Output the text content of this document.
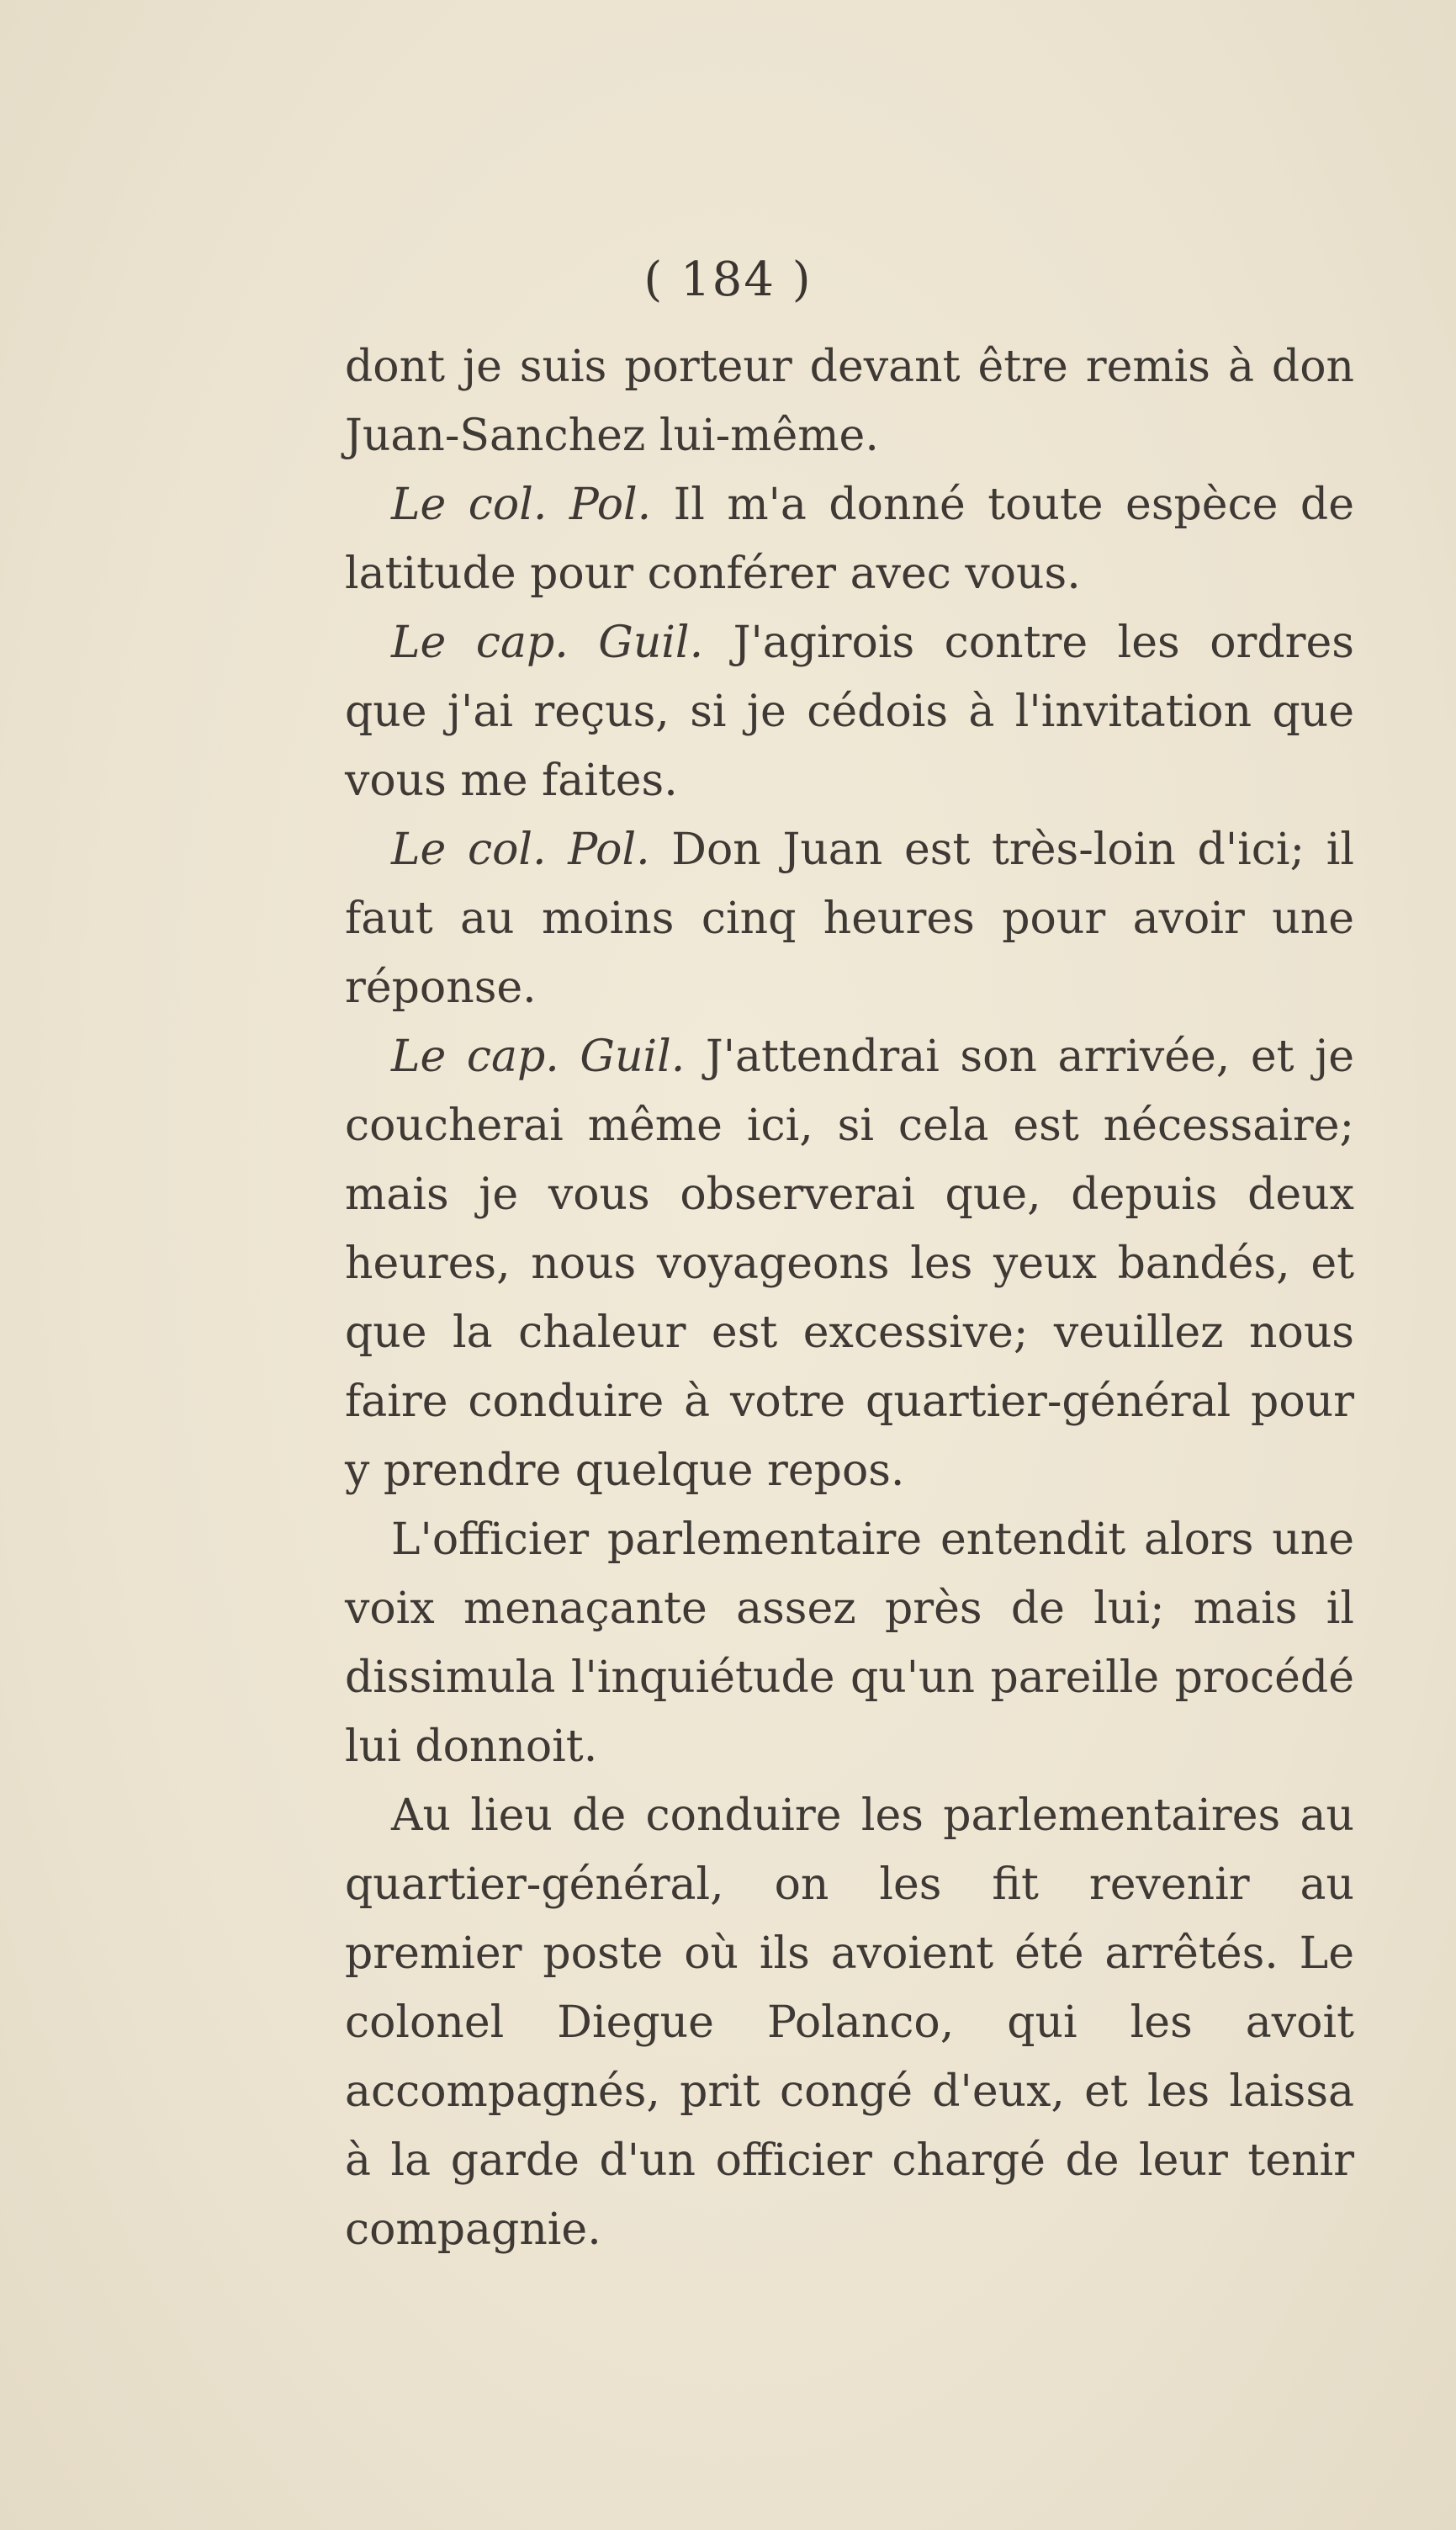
( 184 )

dont je suis porteur devant être remis à don Juan-Sanchez lui-même.

Le col. Pol. Il m'a donné toute espèce de latitude pour conférer avec vous.

Le cap. Guil. J'agirois contre les ordres que j'ai reçus, si je cédois à l'invitation que vous me faites.

Le col. Pol. Don Juan est très-loin d'ici; il faut au moins cinq heures pour avoir une réponse.

Le cap. Guil. J'attendrai son arrivée, et je coucherai même ici, si cela est nécessaire; mais je vous observerai que, depuis deux heures, nous voyageons les yeux bandés, et que la chaleur est excessive; veuillez nous faire conduire à votre quartier-général pour y prendre quelque repos.

L'officier parlementaire entendit alors une voix menaçante assez près de lui; mais il dissimula l'inquiétude qu'un pareille procédé lui donnoit.

Au lieu de conduire les parlementaires au quartier-général, on les fit revenir au premier poste où ils avoient été arrêtés. Le colonel Diegue Polanco, qui les avoit accompagnés, prit congé d'eux, et les laissa à la garde d'un officier chargé de leur tenir compagnie.
